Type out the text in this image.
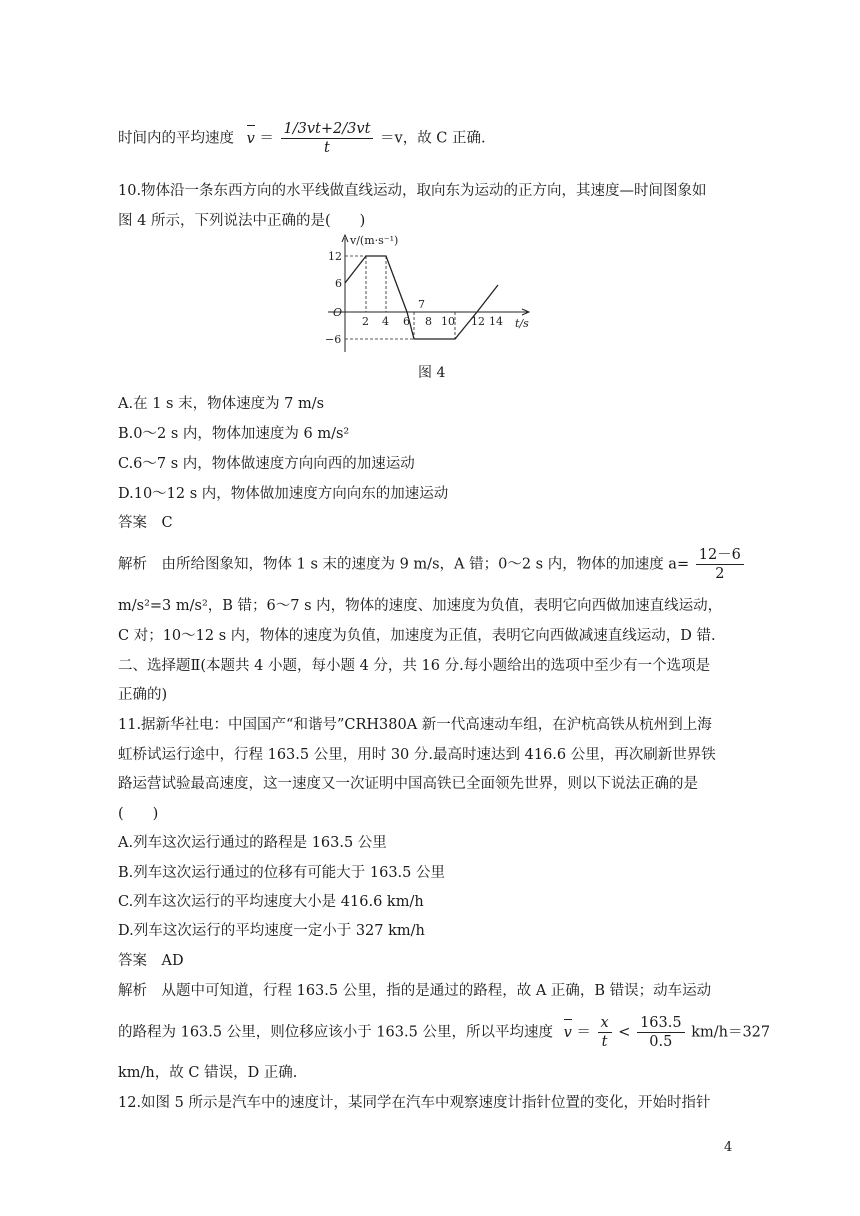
时间内的平均速度 $v = \frac{1/3vt+2/3vt}{t} =v$，故 C 正确.
10.物体沿一条东西方向的水平线做直线运动，取向东为运动的正方向，其速度—时间图象如
图 4 所示，下列说法中正确的是(　　)
v/(m·s⁻¹)
12
6
O
−6
2 4 6
7
8 10 12 14 t/s
图 4
A.在 1 s 末，物体速度为 7 m/s
B.0～2 s 内，物体加速度为 6 m/s²
C.6～7 s 内，物体做速度方向向西的加速运动
D.10～12 s 内，物体做加速度方向向东的加速运动
答案　C
解析　由所给图象知，物体 1 s 末的速度为 9 m/s，A 错；0～2 s 内，物体的加速度 $a= \frac{12-6}{2}$
m/s²=3 m/s²，B 错；6～7 s 内，物体的速度、加速度为负值，表明它向西做加速直线运动，
C 对；10～12 s 内，物体的速度为负值，加速度为正值，表明它向西做减速直线运动，D 错.
二、选择题Ⅱ(本题共 4 小题，每小题 4 分，共 16 分.每小题给出的选项中至少有一个选项是
正确的)
11.据新华社电：中国国产“和谐号”CRH380A 新一代高速动车组，在沪杭高铁从杭州到上海
虹桥试运行途中，行程 163.5 公里，用时 30 分.最高时速达到 416.6 公里，再次刷新世界铁
路运营试验最高速度，这一速度又一次证明中国高铁已全面领先世界，则以下说法正确的是
(　　)
A.列车这次运行通过的路程是 163.5 公里
B.列车这次运行通过的位移有可能大于 163.5 公里
C.列车这次运行的平均速度大小是 416.6 km/h
D.列车这次运行的平均速度一定小于 327 km/h
答案　AD
解析　从题中可知道，行程 163.5 公里，指的是通过的路程，故 A 正确，B 错误；动车运动
的路程为 163.5 公里，则位移应该小于 163.5 公里，所以平均速度 $v = \frac{x}{t} < \frac{163.5}{0.5} km/h=327$
km/h，故 C 错误，D 正确.
12.如图 5 所示是汽车中的速度计，某同学在汽车中观察速度计指针位置的变化，开始时指针
4
